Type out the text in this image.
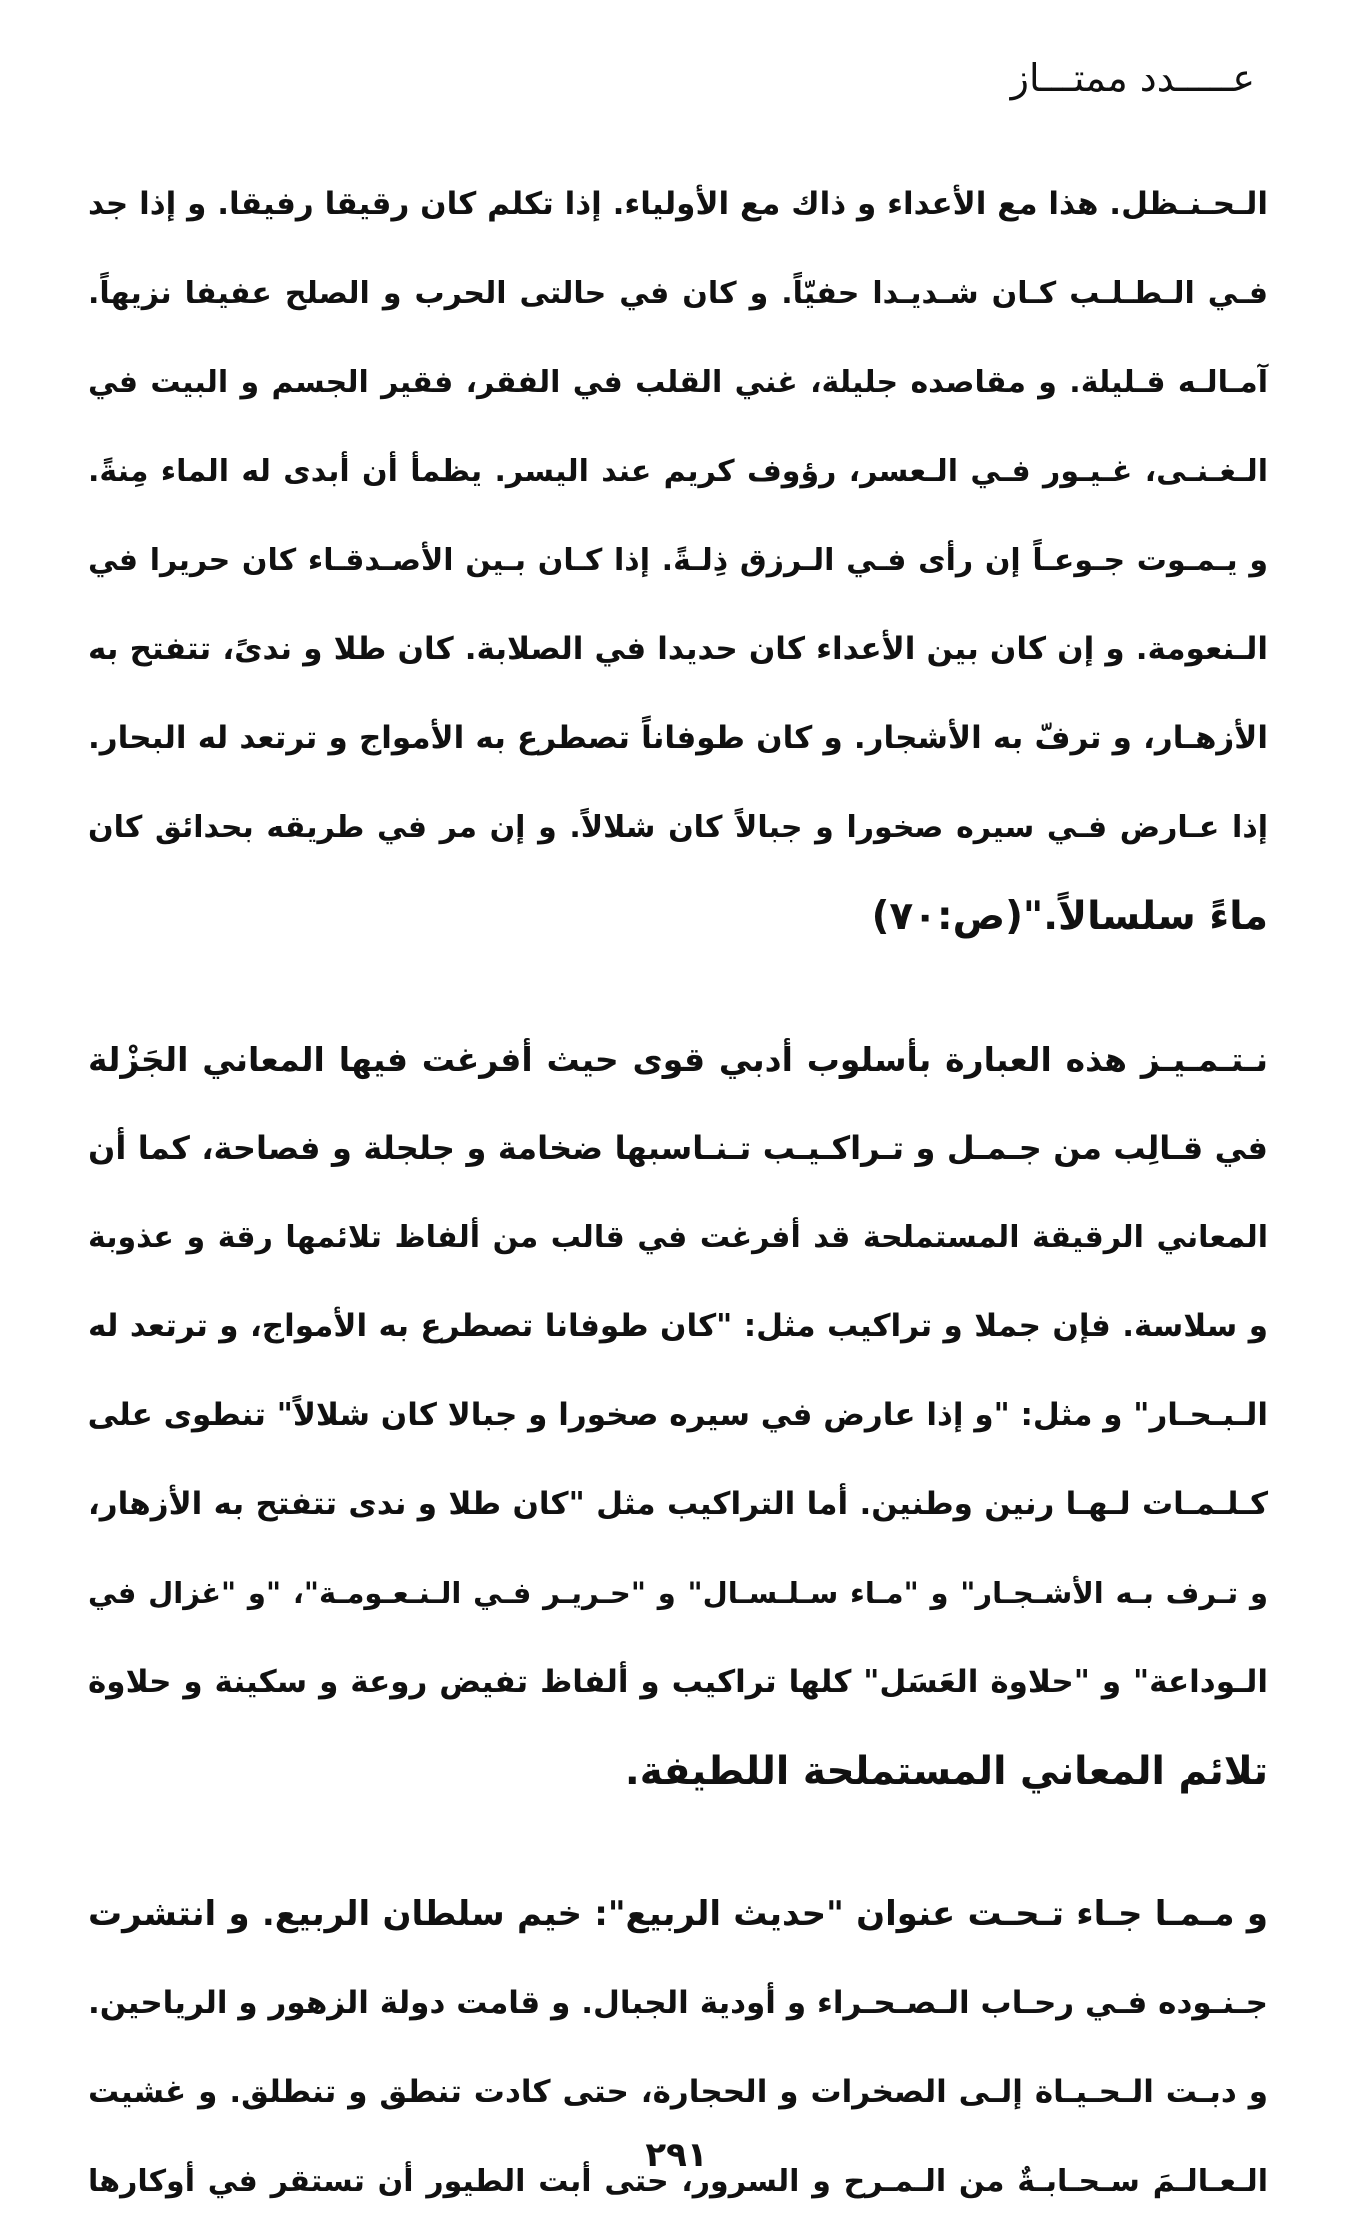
عـــــدد ممتـــاز
الـحـنـظل. هذا مع الأعداء و ذاك مع الأولياء. إذا تكلم كان رقيقا رفيقا. و إذا جد
فـي الـطـلـب كـان شـديـدا حفيّاً. و كان في حالتى الحرب و الصلح عفيفا نزيهاً.
آمـالـه قـليلة. و مقاصده جليلة، غني القلب في الفقر، فقير الجسم و البيت في
الـغـنـى، غـيـور فـي الـعسر، رؤوف كريم عند اليسر. يظمأ أن أبدى له الماء مِنةً.
و يـمـوت جـوعـاً إن رأى فـي الـرزق ذِلـةً. إذا كـان بـين الأصـدقـاء كان حريرا في
الـنعومة. و إن كان بين الأعداء كان حديدا في الصلابة. كان طلا و ندىً، تتفتح به
الأزهـار، و ترفّ به الأشجار. و كان طوفاناً تصطرع به الأمواج و ترتعد له البحار.
إذا عـارض فـي سيره صخورا و جبالاً كان شلالاً. و إن مر في طريقه بحدائق كان
ماءً سلسالاً."(ص:٧٠)
نـتـمـيـز هذه العبارة بأسلوب أدبي قوى حيث أفرغت فيها المعاني الجَزْلة
في قـالِب من جـمـل و تـراكـيـب تـنـاسبها ضخامة و جلجلة و فصاحة، كما أن
المعاني الرقيقة المستملحة قد أفرغت في قالب من ألفاظ تلائمها رقة و عذوبة
و سلاسة. فإن جملا و تراكيب مثل: "كان طوفانا تصطرع به الأمواج، و ترتعد له
الـبـحـار" و مثل: "و إذا عارض في سيره صخورا و جبالا كان شلالاً" تنطوى على
كـلـمـات لـهـا رنين وطنين. أما التراكيب مثل "كان طلا و ندى تتفتح به الأزهار،
و تـرف بـه الأشـجـار" و "مـاء سـلـسـال" و "حـريـر فـي الـنـعـومـة"، "و "غزال في
الـوداعة" و "حلاوة العَسَل" كلها تراكيب و ألفاظ تفيض روعة و سكينة و حلاوة
تلائم المعاني المستملحة اللطيفة.
و مـمـا جـاء تـحـت عنوان "حديث الربيع": خيم سلطان الربيع. و انتشرت
جـنـوده فـي رحـاب الـصـحـراء و أودية الجبال. و قامت دولة الزهور و الرياحين.
و دبـت الـحـيـاة إلـى الصخرات و الحجارة، حتى كادت تنطق و تنطلق. و غشيت
الـعـالـمَ سـحـابـةٌ من الـمـرح و السرور، حتى أبت الطيور أن تستقر في أوكارها
٢٩١
